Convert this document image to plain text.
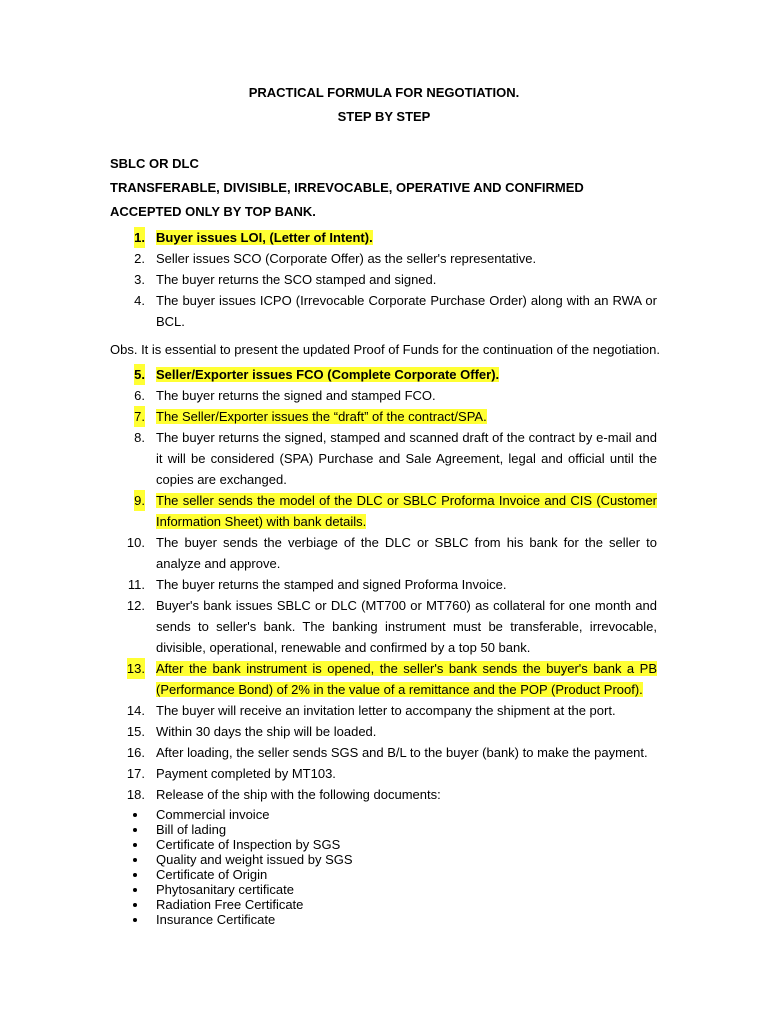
PRACTICAL FORMULA FOR NEGOTIATION.
STEP BY STEP
SBLC OR DLC
TRANSFERABLE, DIVISIBLE, IRREVOCABLE, OPERATIVE AND CONFIRMED
ACCEPTED ONLY BY TOP BANK.
1. Buyer issues LOI, (Letter of Intent).
2. Seller issues SCO (Corporate Offer) as the seller's representative.
3. The buyer returns the SCO stamped and signed.
4. The buyer issues ICPO (Irrevocable Corporate Purchase Order) along with an RWA or BCL.
Obs. It is essential to present the updated Proof of Funds for the continuation of the negotiation.
5. Seller/Exporter issues FCO (Complete Corporate Offer).
6. The buyer returns the signed and stamped FCO.
7. The Seller/Exporter issues the “draft” of the contract/SPA.
8. The buyer returns the signed, stamped and scanned draft of the contract by e-mail and it will be considered (SPA) Purchase and Sale Agreement, legal and official until the copies are exchanged.
9. The seller sends the model of the DLC or SBLC Proforma Invoice and CIS (Customer Information Sheet) with bank details.
10. The buyer sends the verbiage of the DLC or SBLC from his bank for the seller to analyze and approve.
11. The buyer returns the stamped and signed Proforma Invoice.
12. Buyer's bank issues SBLC or DLC (MT700 or MT760) as collateral for one month and sends to seller's bank. The banking instrument must be transferable, irrevocable, divisible, operational, renewable and confirmed by a top 50 bank.
13. After the bank instrument is opened, the seller's bank sends the buyer's bank a PB (Performance Bond) of 2% in the value of a remittance and the POP (Product Proof).
14. The buyer will receive an invitation letter to accompany the shipment at the port.
15. Within 30 days the ship will be loaded.
16. After loading, the seller sends SGS and B/L to the buyer (bank) to make the payment.
17. Payment completed by MT103.
18. Release of the ship with the following documents:
Commercial invoice
Bill of lading
Certificate of Inspection by SGS
Quality and weight issued by SGS
Certificate of Origin
Phytosanitary certificate
Radiation Free Certificate
Insurance Certificate
